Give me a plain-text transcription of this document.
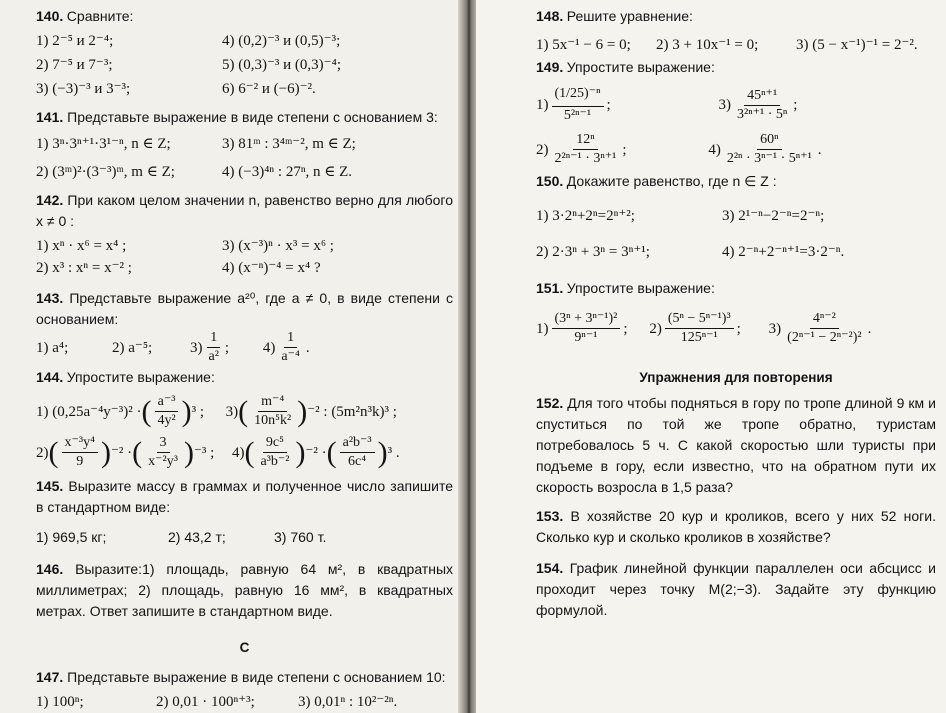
140. Сравните:
1) 2⁻⁵ и 2⁻⁴;	4) (0,2)⁻³ и (0,5)⁻³;
2) 7⁻⁵ и 7⁻³;	5) (0,3)⁻³ и (0,3)⁻⁴;
3) (−3)⁻³ и 3⁻³;	6) 6⁻² и (−6)⁻².
141. Представьте выражение в виде степени с основанием 3:
1) 3ⁿ·3ⁿ⁺¹·3¹⁻ⁿ, n ∈ Z;	3) 81ᵐ : 3⁴ᵐ⁻², m ∈ Z;
2) (3ᵐ)²·(3⁻³)ᵐ, m ∈ Z;	4) (−3)⁴ⁿ : 27ⁿ, n ∈ Z.
142. При каком целом значении n, равенство верно для любого x ≠ 0 :
1) xⁿ · x⁶ = x⁴ ;	3) (x⁻³)ⁿ · x³ = x⁶ ;
2) x³ : xⁿ = x⁻² ;	4) (x⁻ⁿ)⁻⁴ = x⁴ ?
143. Представьте выражение a²⁰, где a ≠ 0, в виде степени с основанием:
1) a⁴;	2) a⁻⁵;	$3) \frac{1}{\text{a²}}$ ;	$4) \frac{1}{\text{a⁻⁴}}$ .
144. Упростите выражение:
1) (0,25a⁻⁴y⁻³)² · ( $\frac{\text{a⁻³}}{\text{4y²}}$ ) ³ ;	3) ( $\frac{\text{m⁻⁴}}{\text{10n⁵k²}}$ ) ⁻² : (5m²n³k)³ ;
2) ( $\frac{\text{x⁻³y⁴}}{9}$ ) ⁻² · ( $\frac{3}{\text{x⁻²y³}}$ ) ⁻³ ;	4) ( $\frac{\text{9c⁵}}{\text{a³b⁻²}}$ ) ⁻² · ( $\frac{\text{a²b⁻³}}{\text{6c⁴}}$ ) ³ .
145. Выразите массу в граммах и полученное число запишите в стандартном виде:
1) 969,5 кг;	2) 43,2 т;	3) 760 т.
146. Выразите:1) площадь, равную 64 м², в квадратных миллиметрах; 2) площадь, равную 16 мм², в квадратных метрах. Ответ запишите в стандартном виде.
С
147. Представьте выражение в виде степени с основанием 10:
1) 100ⁿ;	2) 0,01 · 100ⁿ⁺³;	3) 0,01ⁿ : 10²⁻²ⁿ.
148. Решите уравнение:
1) 5x⁻¹ − 6 = 0;	2) 3 + 10x⁻¹ = 0;	3) (5 − x⁻¹)⁻¹ = 2⁻².
149. Упростите выражение:
$1) \frac{\text{(1/25)⁻ⁿ}}{\text{5²ⁿ⁻¹}}$ ;	$3) \frac{\text{45ⁿ⁺¹}}{\text{3²ⁿ⁺¹ · 5ⁿ}}$ ;
$2) \frac{\text{12ⁿ}}{\text{2²ⁿ⁻¹ · 3ⁿ⁺¹}}$ ;	$4) \frac{\text{60ⁿ}}{\text{2²ⁿ · 3ⁿ⁻¹ · 5ⁿ⁺¹}}$ .
150. Докажите равенство, где n ∈ Z :
1) 3·2ⁿ+2ⁿ=2ⁿ⁺²;	3) 2¹⁻ⁿ−2⁻ⁿ=2⁻ⁿ;
2) 2·3ⁿ + 3ⁿ = 3ⁿ⁺¹;	4) 2⁻ⁿ+2⁻ⁿ⁺¹=3·2⁻ⁿ.
151. Упростите выражение:
$1) \frac{\text{(3ⁿ + 3ⁿ⁻¹)²}}{\text{9ⁿ⁻¹}}$ ;	$2) \frac{\text{(5ⁿ − 5ⁿ⁻¹)³}}{\text{125ⁿ⁻¹}}$ ;	$3) \frac{\text{4ⁿ⁻²}}{\text{(2ⁿ⁻¹ − 2ⁿ⁻²)²}}$ .
Упражнения для повторения
152. Для того чтобы подняться в гору по тропе длиной 9 км и спуститься по той же тропе обратно, туристам потребовалось 5 ч. С какой скоростью шли туристы при подъеме в гору, если известно, что на обратном пути их скорость возросла в 1,5 раза?
153. В хозяйстве 20 кур и кроликов, всего у них 52 ноги. Сколько кур и сколько кроликов в хозяйстве?
154. График линейной функции параллелен оси абсцисс и проходит через точку M(2;−3). Задайте эту функцию формулой.
